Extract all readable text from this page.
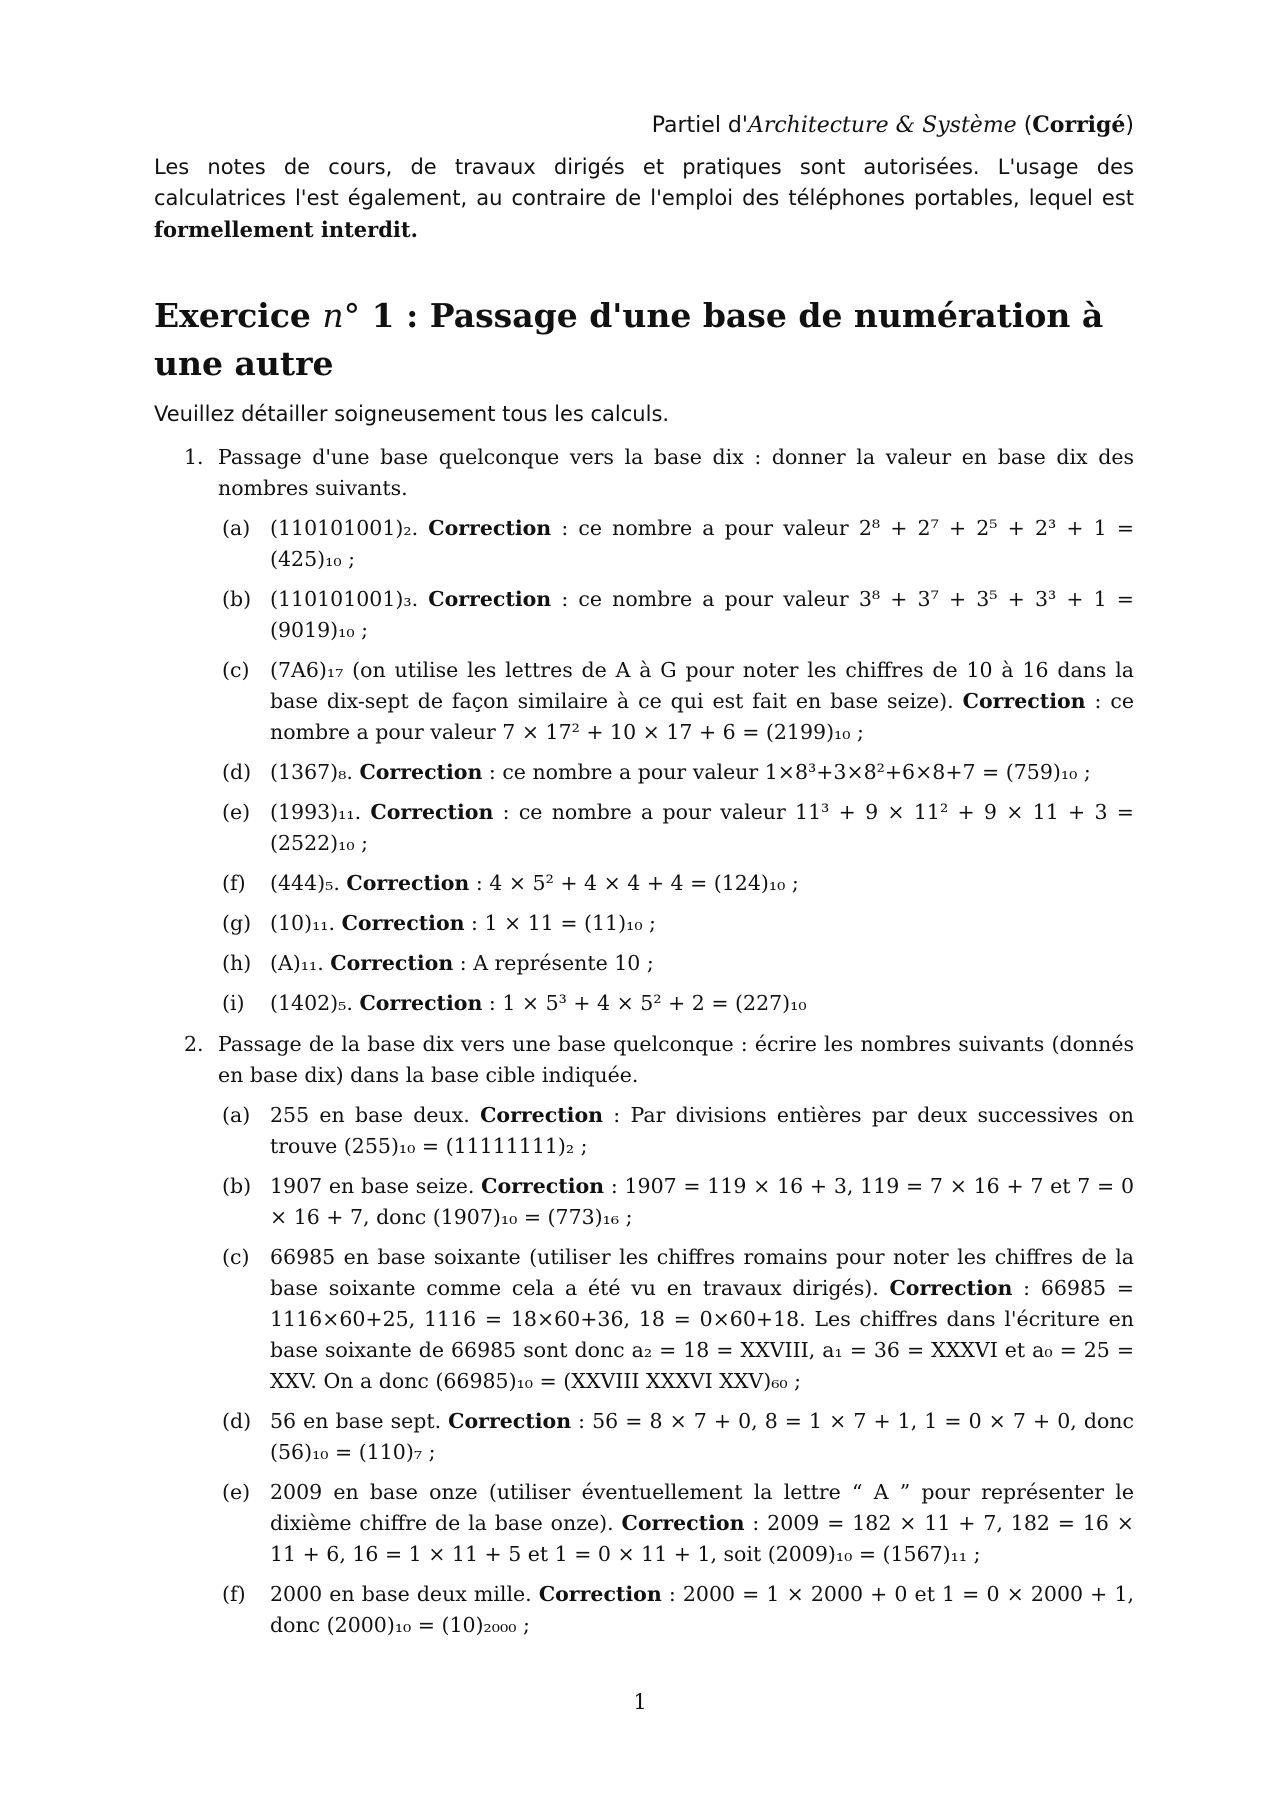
Partiel d'Architecture & Système (Corrigé)
Les notes de cours, de travaux dirigés et pratiques sont autorisées. L'usage des calculatrices l'est également, au contraire de l'emploi des téléphones portables, lequel est formellement interdit.
Exercice n° 1 : Passage d'une base de numération à une autre
Veuillez détailler soigneusement tous les calculs.
1. Passage d'une base quelconque vers la base dix : donner la valeur en base dix des nombres suivants.
(a) (110101001)₂. Correction : ce nombre a pour valeur 2⁸ + 2⁷ + 2⁵ + 2³ + 1 = (425)₁₀ ;
(b) (110101001)₃. Correction : ce nombre a pour valeur 3⁸ + 3⁷ + 3⁵ + 3³ + 1 = (9019)₁₀ ;
(c) (7A6)₁₇ (on utilise les lettres de A à G pour noter les chiffres de 10 à 16 dans la base dix-sept de façon similaire à ce qui est fait en base seize). Correction : ce nombre a pour valeur 7 × 17² + 10 × 17 + 6 = (2199)₁₀ ;
(d) (1367)₈. Correction : ce nombre a pour valeur 1×8³+3×8²+6×8+7 = (759)₁₀ ;
(e) (1993)₁₁. Correction : ce nombre a pour valeur 11³ + 9 × 11² + 9 × 11 + 3 = (2522)₁₀ ;
(f) (444)₅. Correction : 4 × 5² + 4 × 4 + 4 = (124)₁₀ ;
(g) (10)₁₁. Correction : 1 × 11 = (11)₁₀ ;
(h) (A)₁₁. Correction : A représente 10 ;
(i) (1402)₅. Correction : 1 × 5³ + 4 × 5² + 2 = (227)₁₀
2. Passage de la base dix vers une base quelconque : écrire les nombres suivants (donnés en base dix) dans la base cible indiquée.
(a) 255 en base deux. Correction : Par divisions entières par deux successives on trouve (255)₁₀ = (11111111)₂ ;
(b) 1907 en base seize. Correction : 1907 = 119 × 16 + 3, 119 = 7 × 16 + 7 et 7 = 0 × 16 + 7, donc (1907)₁₀ = (773)₁₆ ;
(c) 66985 en base soixante (utiliser les chiffres romains pour noter les chiffres de la base soixante comme cela a été vu en travaux dirigés). Correction : 66985 = 1116×60+25, 1116 = 18×60+36, 18 = 0×60+18. Les chiffres dans l'écriture en base soixante de 66985 sont donc a₂ = 18 = XXVIII, a₁ = 36 = XXXVI et a₀ = 25 = XXV. On a donc (66985)₁₀ = (XXVIII XXXVI XXV)₆₀ ;
(d) 56 en base sept. Correction : 56 = 8 × 7 + 0, 8 = 1 × 7 + 1, 1 = 0 × 7 + 0, donc (56)₁₀ = (110)₇ ;
(e) 2009 en base onze (utiliser éventuellement la lettre “ A ” pour représenter le dixième chiffre de la base onze). Correction : 2009 = 182 × 11 + 7, 182 = 16 × 11 + 6, 16 = 1 × 11 + 5 et 1 = 0 × 11 + 1, soit (2009)₁₀ = (1567)₁₁ ;
(f) 2000 en base deux mille. Correction : 2000 = 1 × 2000 + 0 et 1 = 0 × 2000 + 1, donc (2000)₁₀ = (10)₂₀₀₀ ;
1
